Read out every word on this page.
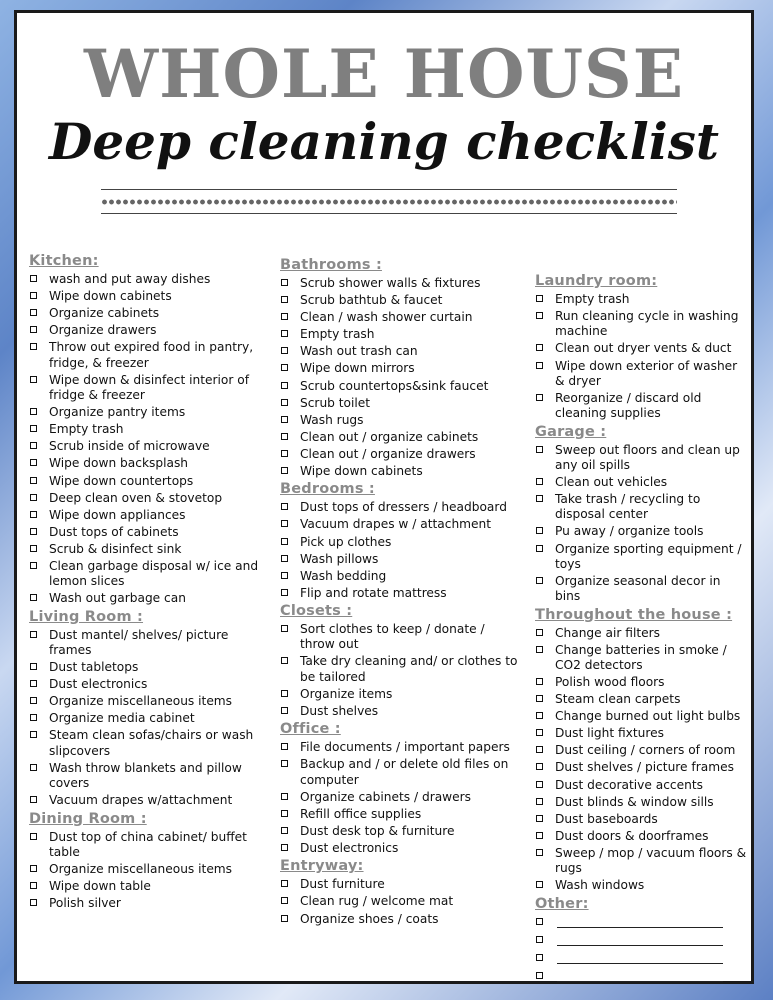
WHOLE HOUSE
Deep cleaning checklist
Kitchen:
wash and put away dishes
Wipe down cabinets
Organize cabinets
Organize drawers
Throw out expired food in pantry, fridge, & freezer
Wipe down & disinfect interior of fridge & freezer
Organize pantry items
Empty trash
Scrub inside of microwave
Wipe down backsplash
Wipe down countertops
Deep clean oven & stovetop
Wipe down appliances
Dust tops of cabinets
Scrub & disinfect sink
Clean garbage disposal w/ ice and lemon slices
Wash out garbage can
Living Room :
Dust mantel/ shelves/ picture frames
Dust tabletops
Dust electronics
Organize miscellaneous items
Organize media cabinet
Steam clean sofas/chairs or wash slipcovers
Wash throw blankets and pillow covers
Vacuum drapes w/attachment
Dining Room :
Dust top of china cabinet/ buffet table
Organize miscellaneous items
Wipe down table
Polish silver
Bathrooms :
Scrub shower walls & fixtures
Scrub bathtub & faucet
Clean / wash shower curtain
Empty trash
Wash out trash can
Wipe down mirrors
Scrub countertops&sink faucet
Scrub toilet
Wash rugs
Clean out / organize cabinets
Clean out / organize drawers
Wipe down cabinets
Bedrooms :
Dust tops of dressers / headboard
Vacuum drapes w / attachment
Pick up clothes
Wash pillows
Wash bedding
Flip and rotate mattress
Closets :
Sort clothes to keep / donate / throw out
Take dry cleaning and/ or clothes to be tailored
Organize items
Dust shelves
Office :
File documents / important papers
Backup and / or delete old files on computer
Organize cabinets / drawers
Refill office supplies
Dust desk top & furniture
Dust electronics
Entryway:
Dust furniture
Clean rug / welcome mat
Organize shoes / coats
Laundry room:
Empty trash
Run cleaning cycle in washing machine
Clean out dryer vents & duct
Wipe down exterior of washer & dryer
Reorganize / discard old cleaning supplies
Garage :
Sweep out floors and clean up any oil spills
Clean out vehicles
Take trash / recycling to disposal center
Pu away / organize tools
Organize sporting equipment / toys
Organize seasonal decor in bins
Throughout the house :
Change air filters
Change batteries in smoke / CO2 detectors
Polish wood floors
Steam clean carpets
Change burned out light bulbs
Dust light fixtures
Dust ceiling / corners of room
Dust shelves / picture frames
Dust decorative accents
Dust blinds & window sills
Dust baseboards
Dust doors & doorframes
Sweep / mop / vacuum floors & rugs
Wash windows
Other:
